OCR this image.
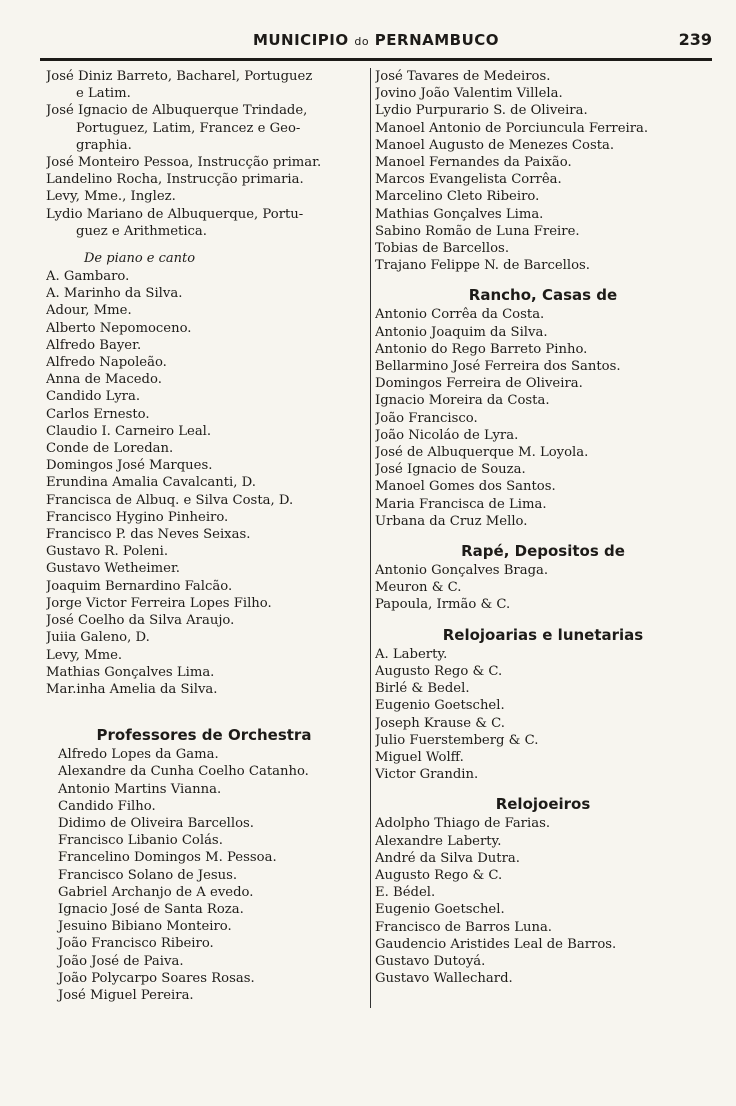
MUNICIPIO do PERNAMBUCO	239
José Diniz Barreto, Bacharel, Portuguez
e Latim.
José Ignacio de Albuquerque Trindade,
Portuguez, Latim, Francez e Geo-
graphia.
José Monteiro Pessoa, Instrucção primar.
Landelino Rocha, Instrucção primaria.
Levy, Mme., Inglez.
Lydio Mariano de Albuquerque, Portu-
guez e Arithmetica.
De piano e canto
A. Gambaro.
A. Marinho da Silva.
Adour, Mme.
Alberto Nepomoceno.
Alfredo Bayer.
Alfredo Napoleão.
Anna de Macedo.
Candido Lyra.
Carlos Ernesto.
Claudio I. Carneiro Leal.
Conde de Loredan.
Domingos José Marques.
Erundina Amalia Cavalcanti, D.
Francisca de Albuq. e Silva Costa, D.
Francisco Hygino Pinheiro.
Francisco P. das Neves Seixas.
Gustavo R. Poleni.
Gustavo Wetheimer.
Joaquim Bernardino Falcão.
Jorge Victor Ferreira Lopes Filho.
José Coelho da Silva Araujo.
Juiia Galeno, D.
Levy, Mme.
Mathias Gonçalves Lima.
Mar.inha Amelia da Silva.
Professores de Orchestra
Alfredo Lopes da Gama.
Alexandre da Cunha Coelho Catanho.
Antonio Martins Vianna.
Candido Filho.
Didimo de Oliveira Barcellos.
Francisco Libanio Colás.
Francelino Domingos M. Pessoa.
Francisco Solano de Jesus.
Gabriel Archanjo de A evedo.
Ignacio José de Santa Roza.
Jesuino Bibiano Monteiro.
João Francisco Ribeiro.
João José de Paiva.
João Polycarpo Soares Rosas.
José Miguel Pereira.
José Tavares de Medeiros.
Jovino João Valentim Villela.
Lydio Purpurario S. de Oliveira.
Manoel Antonio de Porciuncula Ferreira.
Manoel Augusto de Menezes Costa.
Manoel Fernandes da Paixão.
Marcos Evangelista Corrêa.
Marcelino Cleto Ribeiro.
Mathias Gonçalves Lima.
Sabino Romão de Luna Freire.
Tobias de Barcellos.
Trajano Felippe N. de Barcellos.
Rancho, Casas de
Antonio Corrêa da Costa.
Antonio Joaquim da Silva.
Antonio do Rego Barreto Pinho.
Bellarmino José Ferreira dos Santos.
Domingos Ferreira de Oliveira.
Ignacio Moreira da Costa.
João Francisco.
João Nicoláo de Lyra.
José de Albuquerque M. Loyola.
José Ignacio de Souza.
Manoel Gomes dos Santos.
Maria Francisca de Lima.
Urbana da Cruz Mello.
Rapé, Depositos de
Antonio Gonçalves Braga.
Meuron & C.
Papoula, Irmão & C.
Relojoarias e lunetarias
A. Laberty.
Augusto Rego & C.
Birlé & Bedel.
Eugenio Goetschel.
Joseph Krause & C.
Julio Fuerstemberg & C.
Miguel Wolff.
Victor Grandin.
Relojoeiros
Adolpho Thiago de Farias.
Alexandre Laberty.
André da Silva Dutra.
Augusto Rego & C.
E. Bédel.
Eugenio Goetschel.
Francisco de Barros Luna.
Gaudencio Aristides Leal de Barros.
Gustavo Dutoyá.
Gustavo Wallechard.
